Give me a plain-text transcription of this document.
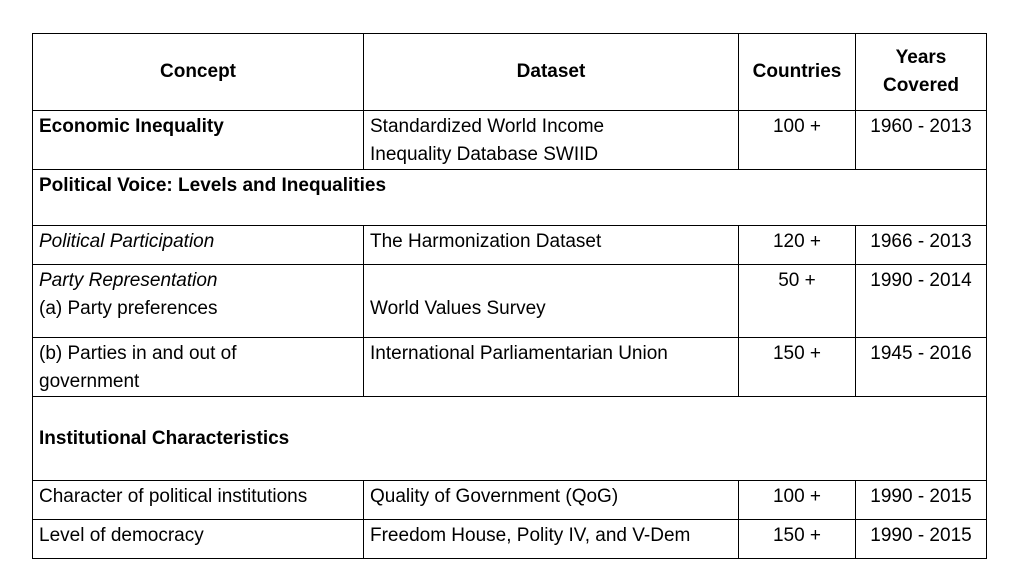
Concept	Dataset	Countries	Years
Covered

Economic Inequality	Standardized World Income
Inequality Database SWIID	100 +	1960 - 2013
Political Voice: Levels and Inequalities			
Political Participation	The Harmonization Dataset	120 +	1966 - 2013

Party Representation
(a) Party preferences	World Values Survey	50 +	1990 - 2014

(b) Parties in and out of
government	International Parliamentarian Union	150 +	1945 - 2016
Institutional Characteristics			
Character of political institutions	Quality of Government (QoG)	100 +	1990 - 2015
Level of democracy	Freedom House, Polity IV, and V-Dem	150 +	1990 - 2015
